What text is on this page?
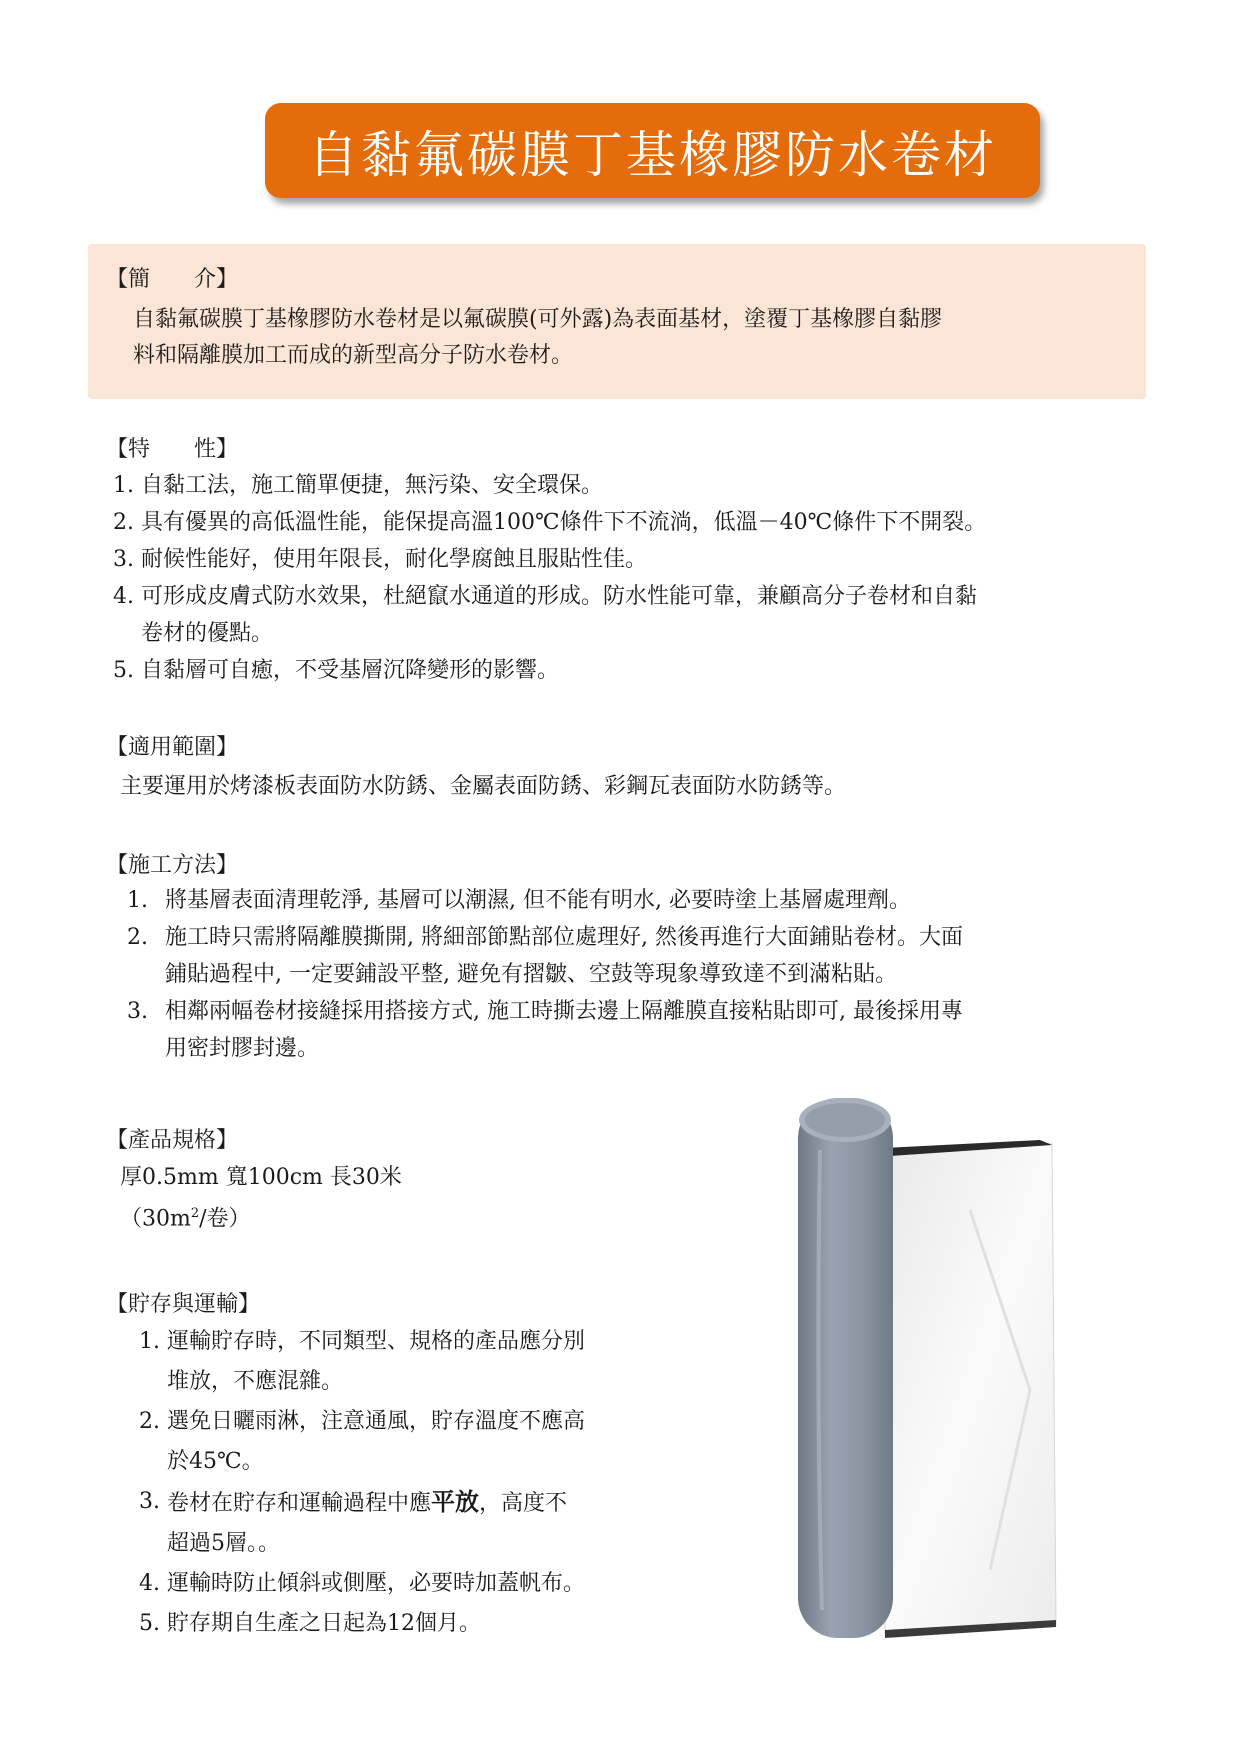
自黏氟碳膜丁基橡膠防水卷材
【簡　　介】

自黏氟碳膜丁基橡膠防水卷材是以氟碳膜(可外露)為表面基材，塗覆丁基橡膠自黏膠

料和隔離膜加工而成的新型高分子防水卷材。

【特　　性】
1. 自黏工法，施工簡單便捷，無污染、安全環保。
2. 具有優異的高低溫性能，能保提高溫100℃條件下不流淌，低溫－40℃條件下不開裂。
3. 耐候性能好，使用年限長，耐化學腐蝕且服貼性佳。
4. 可形成皮膚式防水效果，杜絕竄水通道的形成。防水性能可靠，兼顧高分子卷材和自黏
卷材的優點。
5. 自黏層可自癒，不受基層沉降變形的影響。
【適用範圍】
主要運用於烤漆板表面防水防銹、金屬表面防銹、彩鋼瓦表面防水防銹等。
【施工方法】
1. 將基層表面清理乾淨, 基層可以潮濕, 但不能有明水, 必要時塗上基層處理劑。
2. 施工時只需將隔離膜撕開, 將細部節點部位處理好, 然後再進行大面鋪貼卷材。大面
鋪貼過程中, 一定要鋪設平整, 避免有摺皺、空鼓等現象導致達不到滿粘貼。
3. 相鄰兩幅卷材接縫採用搭接方式, 施工時撕去邊上隔離膜直接粘貼即可, 最後採用專
用密封膠封邊。
【產品規格】
厚0.5mm 寬100cm 長30米
（$30m^2/$卷）
【貯存與運輸】
1. 運輸貯存時，不同類型、規格的產品應分別
堆放，不應混雜。
2. 選免日曬雨淋，注意通風，貯存溫度不應高
於45℃。
3. 卷材在貯存和運輸過程中應平放，高度不
超過5層。。
4. 運輸時防止傾斜或側壓，必要時加蓋帆布。
5. 貯存期自生產之日起為12個月。
